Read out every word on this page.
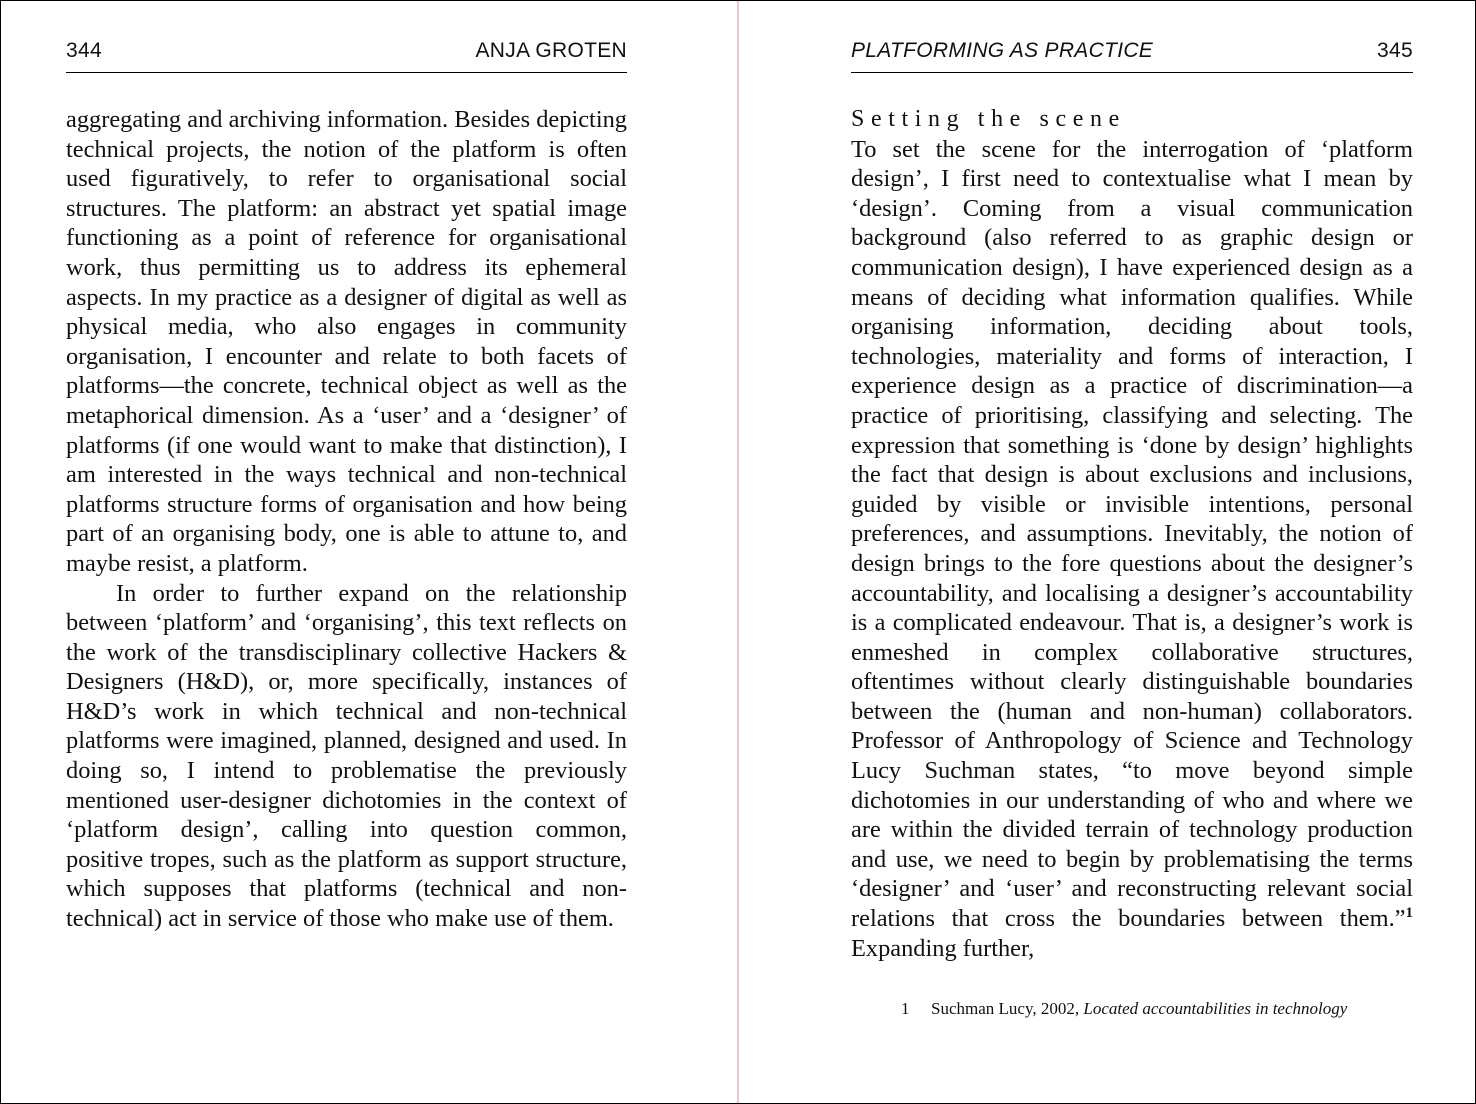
344	ANJA GROTEN

aggregating and archiving information. Besides depicting technical projects, the notion of the platform is often used figuratively, to refer to organisational social structures. The platform: an abstract yet spatial image functioning as a point of reference for organisational work, thus permitting us to address its ephemeral aspects. In my practice as a designer of digital as well as physical media, who also engages in community organisation, I encounter and relate to both facets of platforms—the concrete, technical object as well as the metaphorical dimension. As a ‘user’ and a ‘designer’ of platforms (if one would want to make that distinction), I am interested in the ways technical and non-technical platforms structure forms of organisation and how being part of an organising body, one is able to attune to, and maybe resist, a platform.

In order to further expand on the relationship between ‘platform’ and ‘organising’, this text reflects on the work of the transdisciplinary collective Hackers & Designers (H&D), or, more specifically, instances of H&D’s work in which technical and non-technical platforms were imagined, planned, designed and used. In doing so, I intend to problematise the previously mentioned user-designer dichotomies in the context of ‘platform design’, calling into question common, positive tropes, such as the platform as support structure, which supposes that platforms (technical and non-technical) act in service of those who make use of them.

PLATFORMING AS PRACTICE	345

Setting the scene

To set the scene for the interrogation of ‘platform design’, I first need to contextualise what I mean by ‘design’. Coming from a visual communication background (also referred to as graphic design or communication design), I have experienced design as a means of deciding what information qualifies. While organising information, deciding about tools, technologies, materiality and forms of interaction, I experience design as a practice of discrimination—a practice of prioritising, classifying and selecting. The expression that something is ‘done by design’ highlights the fact that design is about exclusions and inclusions, guided by visible or invisible intentions, personal preferences, and assumptions. Inevitably, the notion of design brings to the fore questions about the designer’s accountability, and localising a designer’s accountability is a complicated endeavour. That is, a designer’s work is enmeshed in complex collaborative structures, oftentimes without clearly distinguishable boundaries between the (human and non-human) collaborators. Professor of Anthropology of Science and Technology Lucy Suchman states, “to move beyond simple dichotomies in our understanding of who and where we are within the divided terrain of technology production and use, we need to begin by problematising the terms ‘designer’ and ‘user’ and reconstructing relevant social relations that cross the boundaries between them.”$^1$ Expanding further,

1	Suchman Lucy, 2002, Located accountabilities in technology
